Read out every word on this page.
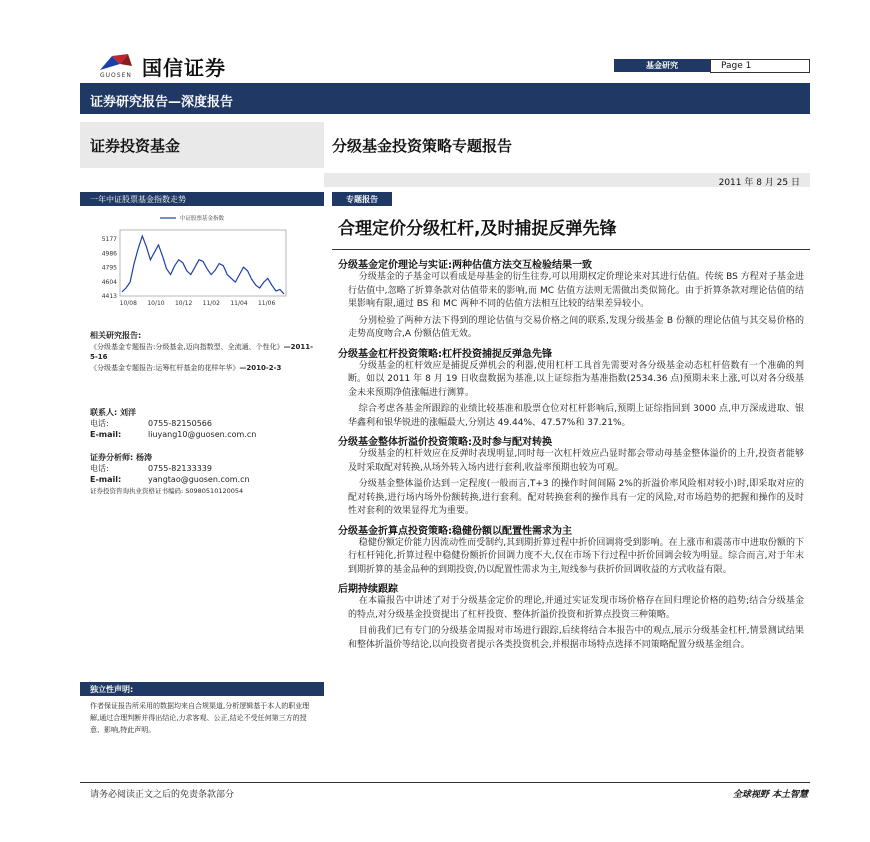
国信证券
GUOSEN
基金研究	Page 1
证券研究报告—深度报告
证券投资基金	分级基金投资策略专题报告
2011 年 8 月 25 日
一年中证股票基金指数走势
中证股票基金指数
4413
4604
4795
4986
5177
10/08 10/10 10/12 11/02 11/04 11/06
相关研究报告:
《分级基金专题报告:分级基金,迈向指数型、全流通、个性化》—2011-5-16
《分级基金专题报告:运筹杠杆基金的花样年华》—2010-2-3
联系人: 刘洋
电话:	0755-82150566
E-mail:	liuyang10@guosen.com.cn
证券分析师: 杨涛
电话:	0755-82133339
E-mail:	yangtao@guosen.com.cn
证券投资咨询执业资格证书编码: S0980510120054
独立性声明:
作者保证报告所采用的数据均来自合规渠道,分析逻辑基于本人的职业理解,通过合理判断并得出结论,力求客观、公正,结论不受任何第三方的授意、影响,特此声明。
专题报告
合理定价分级杠杆,及时捕捉反弹先锋
分级基金定价理论与实证:两种估值方法交互检验结果一致

分级基金的子基金可以看成是母基金的衍生往券,可以用期权定价理论来对其进行估值。传统 BS 方程对子基金进行估值中,忽略了折算条款对估值带来的影响,而 MC 估值方法则无需做出类似简化。由于折算条款对理论估值的结果影响有限,通过 BS 和 MC 两种不同的估值方法相互比较的结果差异较小。

分别检验了两种方法下得到的理论估值与交易价格之间的联系,发现分级基金 B 份额的理论估值与其交易价格的走势高度吻合,A 份额估值无效。

分级基金杠杆投资策略:杠杆投资捕捉反弹急先锋

分级基金的杠杆效应是捕捉反弹机会的利器,使用杠杆工具首先需要对各分级基金动态杠杆倍数有一个准确的判断。如以 2011 年 8 月 19 日收盘数据为基准,以上证综指为基准指数(2534.36 点)预期未来上涨,可以对各分级基金未来预期净值涨幅进行测算。

综合考虑各基金所跟踪的业绩比较基准和股票仓位对杠杆影响后,预期上证综指回到 3000 点,申万深成进取、银华鑫利和银华锐进的涨幅最大,分别达 49.44%、47.57%和 37.21%。

分级基金整体折溢价投资策略:及时参与配对转换

分级基金的杠杆效应在反弹时表现明显,同时每一次杠杆效应凸显时都会带动母基金整体溢价的上升,投资者能够及时采取配对转换,从场外转入场内进行套利,收益率预期也较为可观。

分级基金整体溢价达到一定程度(一般而言,T+3 的操作时间间隔 2%的折溢价率风险相对较小)时,即采取对应的配对转换,进行场内场外份额转换,进行套利。配对转换套利的操作具有一定的风险,对市场趋势的把握和操作的及时性对套利的效果显得尤为重要。

分级基金折算点投资策略:稳健份额以配置性需求为主

稳健份额定价能力因流动性而受制约,其到期折算过程中折价回调将受到影响。在上涨市和震荡市中进取份额的下行杠杆钝化,折算过程中稳健份额折价回调力度不大,仅在市场下行过程中折价回调会较为明显。综合而言,对于年末到期折算的基金品种的到期投资,仍以配置性需求为主,短线参与获折价回调收益的方式收益有限。

后期持续跟踪

在本篇报告中讲述了对于分级基金定价的理论,并通过实证发现市场价格存在回归理论价格的趋势;结合分级基金的特点,对分级基金投资提出了杠杆投资、整体折溢价投资和折算点投资三种策略。

目前我们已有专门的分级基金周报对市场进行跟踪,后续将结合本报告中的观点,展示分级基金杠杆,情景测试结果和整体折溢价等结论,以向投资者提示各类投资机会,并根据市场特点选择不同策略配置分级基金组合。

请务必阅读正文之后的免责条款部分	全球视野 本土智慧
